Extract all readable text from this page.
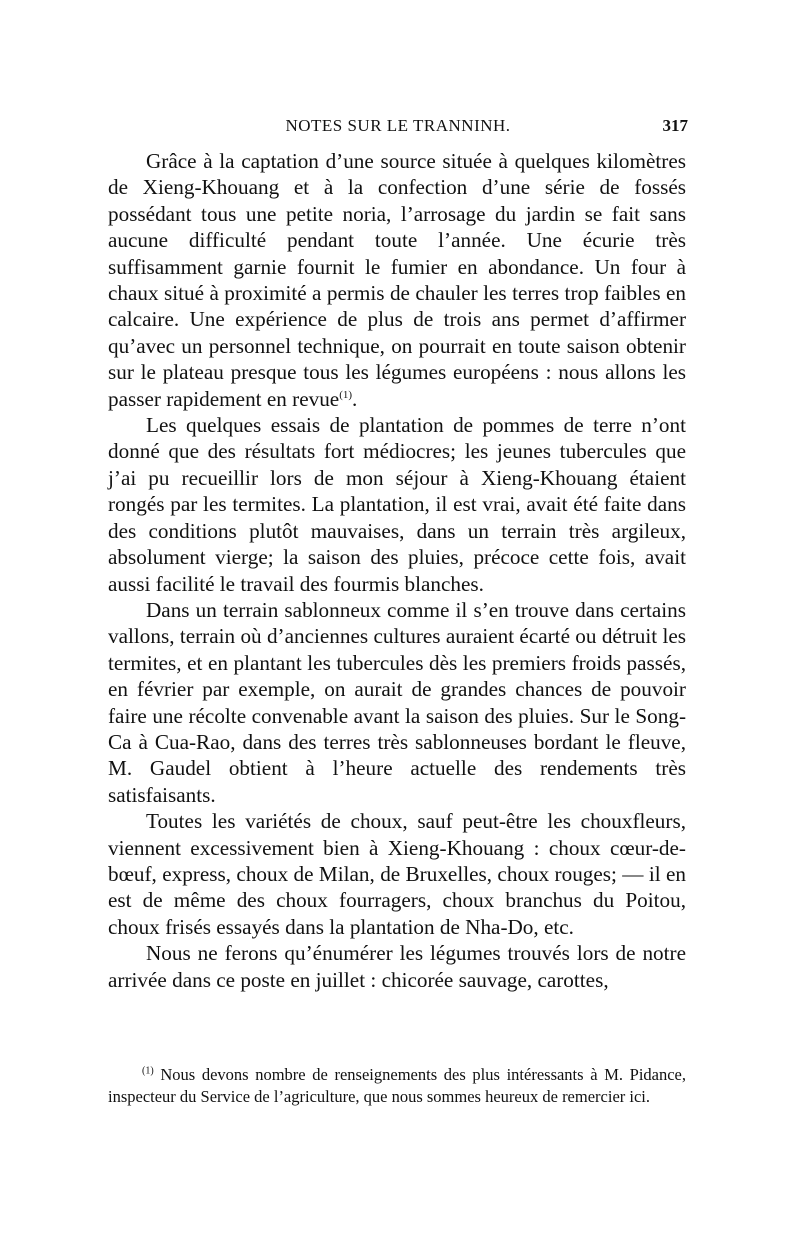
NOTES SUR LE TRANNINH.	317

Grâce à la captation d’une source située à quelques kilomètres de Xieng-Khouang et à la confection d’une série de fossés possédant tous une petite noria, l’arrosage du jardin se fait sans aucune difficulté pendant toute l’année. Une écurie très suffisamment garnie fournit le fumier en abondance. Un four à chaux situé à proximité a permis de chauler les terres trop faibles en calcaire. Une expérience de plus de trois ans permet d’affirmer qu’avec un personnel technique, on pourrait en toute saison obtenir sur le plateau presque tous les légumes européens : nous allons les passer rapidement en revue$^{(1)}$.

Les quelques essais de plantation de pommes de terre n’ont donné que des résultats fort médiocres; les jeunes tubercules que j’ai pu recueillir lors de mon séjour à Xieng-Khouang étaient rongés par les termites. La plantation, il est vrai, avait été faite dans des conditions plutôt mauvaises, dans un terrain très argileux, absolument vierge; la saison des pluies, précoce cette fois, avait aussi facilité le travail des fourmis blanches.

Dans un terrain sablonneux comme il s’en trouve dans certains vallons, terrain où d’anciennes cultures auraient écarté ou détruit les termites, et en plantant les tubercules dès les premiers froids passés, en février par exemple, on aurait de grandes chances de pouvoir faire une récolte convenable avant la saison des pluies. Sur le Song-Ca à Cua-Rao, dans des terres très sablonneuses bordant le fleuve, M. Gaudel obtient à l’heure actuelle des rendements très satisfaisants.

Toutes les variétés de choux, sauf peut-être les chouxfleurs, viennent excessivement bien à Xieng-Khouang : choux cœur-de-bœuf, express, choux de Milan, de Bruxelles, choux rouges; — il en est de même des choux fourragers, choux branchus du Poitou, choux frisés essayés dans la plantation de Nha-Do, etc.

Nous ne ferons qu’énumérer les légumes trouvés lors de notre arrivée dans ce poste en juillet : chicorée sauvage, carottes,

$^{(1)}$ Nous devons nombre de renseignements des plus intéressants à M. Pidance, inspecteur du Service de l’agriculture, que nous sommes heureux de remercier ici.
